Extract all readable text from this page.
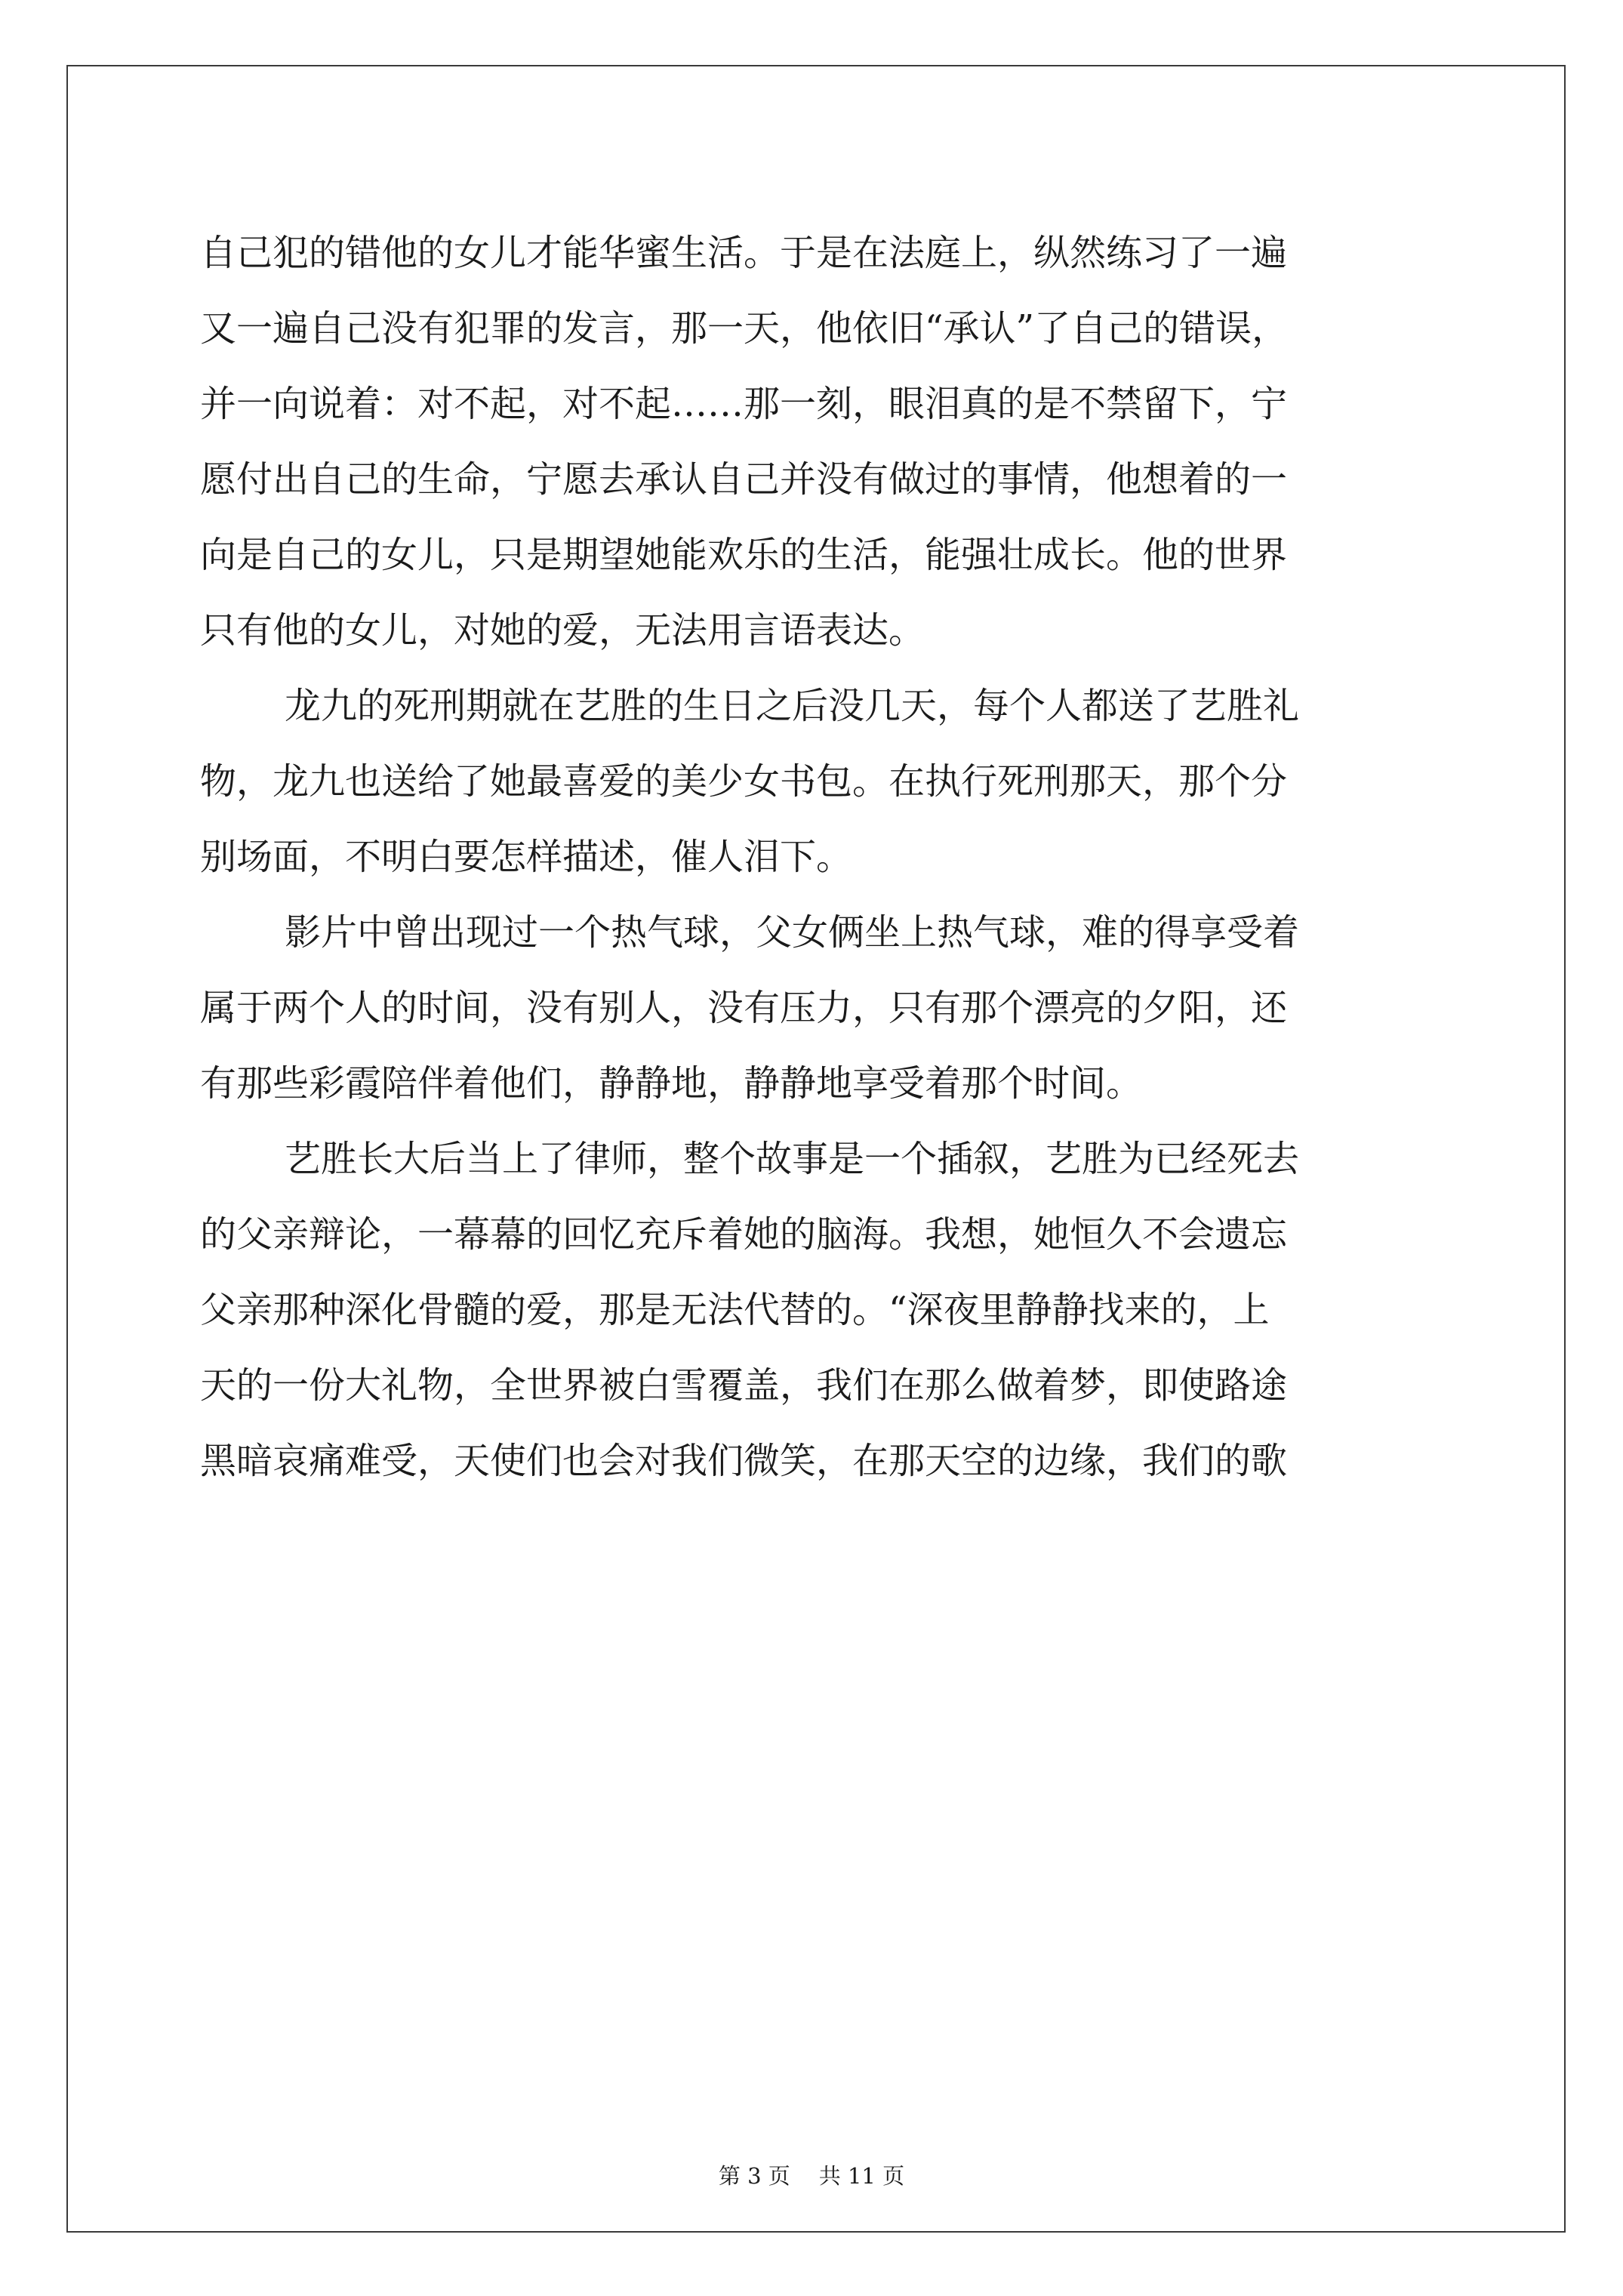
自己犯的错他的女儿才能华蜜生活。于是在法庭上，纵然练习了一遍
又一遍自己没有犯罪的发言，那一天，他依旧“承认”了自己的错误，
并一向说着：对不起，对不起……那一刻，眼泪真的是不禁留下，宁
愿付出自己的生命，宁愿去承认自己并没有做过的事情，他想着的一
向是自己的女儿，只是期望她能欢乐的生活，能强壮成长。他的世界
只有他的女儿，对她的爱，无法用言语表达。
龙九的死刑期就在艺胜的生日之后没几天，每个人都送了艺胜礼
物，龙九也送给了她最喜爱的美少女书包。在执行死刑那天，那个分
别场面，不明白要怎样描述，催人泪下。
影片中曾出现过一个热气球，父女俩坐上热气球，难的得享受着
属于两个人的时间，没有别人，没有压力，只有那个漂亮的夕阳，还
有那些彩霞陪伴着他们，静静地，静静地享受着那个时间。
艺胜长大后当上了律师，整个故事是一个插叙，艺胜为已经死去
的父亲辩论，一幕幕的回忆充斥着她的脑海。我想，她恒久不会遗忘
父亲那种深化骨髓的爱，那是无法代替的。“深夜里静静找来的，上
天的一份大礼物，全世界被白雪覆盖，我们在那么做着梦，即使路途
黑暗哀痛难受，天使们也会对我们微笑，在那天空的边缘，我们的歌
第 3 页 共 11 页
